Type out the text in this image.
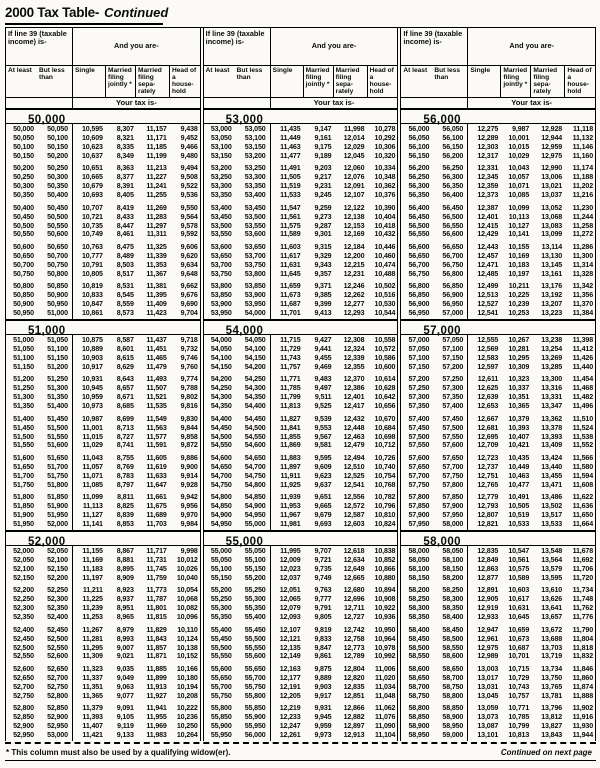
2000 Tax Table- Continued
If line 39 (taxable income) is-	And you are-
At least	But less than
Single	Married filing jointly *
Married filing sepa- rately
Head of a house- hold
Your tax is-
50,000
50,000	50,050	10,595	8,307	11,157	9,438
50,050	50,100	10,609	8,321	11,171	9,452
50,100	50,150	10,623	8,335	11,185	9,466
50,150	50,200	10,637	8,349	11,199	9,480
50,200	50,250	10,651	8,363	11,213	9,494
50,250	50,300	10,665	8,377	11,227	9,508
50,300	50,350	10,679	8,391	11,241	9,522
50,350	50,400	10,693	8,405	11,255	9,536
50,400	50,450	10,707	8,419	11,269	9,550
50,450	50,500	10,721	8,433	11,283	9,564
50,500	50,550	10,735	8,447	11,297	9,578
50,550	50,600	10,749	8,461	11,311	9,592
50,600	50,650	10,763	8,475	11,325	9,606
50,650	50,700	10,777	8,489	11,339	9,620
50,700	50,750	10,791	8,503	11,353	9,634
50,750	50,800	10,805	8,517	11,367	9,648
50,800	50,850	10,819	8,531	11,381	9,662
50,850	50,900	10,833	8,545	11,395	9,676
50,900	50,950	10,847	8,559	11,409	9,690
50,950	51,000	10,861	8,573	11,423	9,704
51,000
51,000	51,050	10,875	8,587	11,437	9,718
51,050	51,100	10,889	8,601	11,451	9,732
51,100	51,150	10,903	8,615	11,465	9,746
51,150	51,200	10,917	8,629	11,479	9,760
51,200	51,250	10,931	8,643	11,493	9,774
51,250	51,300	10,945	8,657	11,507	9,788
51,300	51,350	10,959	8,671	11,521	9,802
51,350	51,400	10,973	8,685	11,535	9,816
51,400	51,450	10,987	8,699	11,549	9,830
51,450	51,500	11,001	8,713	11,563	9,844
51,500	51,550	11,015	8,727	11,577	9,858
51,550	51,600	11,029	8,741	11,591	9,872
51,600	51,650	11,043	8,755	11,605	9,886
51,650	51,700	11,057	8,769	11,619	9,900
51,700	51,750	11,071	8,783	11,633	9,914
51,750	51,800	11,085	8,797	11,647	9,928
51,800	51,850	11,099	8,811	11,661	9,942
51,850	51,900	11,113	8,825	11,675	9,956
51,900	51,950	11,127	8,839	11,689	9,970
51,950	52,000	11,141	8,853	11,703	9,984
52,000
52,000	52,050	11,155	8,867	11,717	9,998
52,050	52,100	11,169	8,881	11,731	10,012
52,100	52,150	11,183	8,895	11,745	10,026
52,150	52,200	11,197	8,909	11,759	10,040
52,200	52,250	11,211	8,923	11,773	10,054
52,250	52,300	11,225	8,937	11,787	10,068
52,300	52,350	11,239	8,951	11,801	10,082
52,350	52,400	11,253	8,965	11,815	10,096
52,400	52,450	11,267	8,979	11,829	10,110
52,450	52,500	11,281	8,993	11,843	10,124
52,500	52,550	11,295	9,007	11,857	10,138
52,550	52,600	11,309	9,021	11,871	10,152
52,600	52,650	11,323	9,035	11,885	10,166
52,650	52,700	11,337	9,049	11,899	10,180
52,700	52,750	11,351	9,063	11,913	10,194
52,750	52,800	11,365	9,077	11,927	10,208
52,800	52,850	11,379	9,091	11,941	10,222
52,850	52,900	11,393	9,105	11,955	10,236
52,900	52,950	11,407	9,119	11,969	10,250
52,950	53,000	11,421	9,133	11,983	10,264
If line 39 (taxable income) is-	And you are-
At least	But less than
Single	Married filing jointly *
Married filing sepa- rately
Head of a house- hold
Your tax is-
53,000
53,000	53,050	11,435	9,147	11,998	10,278
53,050	53,100	11,449	9,161	12,014	10,292
53,100	53,150	11,463	9,175	12,029	10,306
53,150	53,200	11,477	9,189	12,045	10,320
53,200	53,250	11,491	9,203	12,060	10,334
53,250	53,300	11,505	9,217	12,076	10,348
53,300	53,350	11,519	9,231	12,091	10,362
53,350	53,400	11,533	9,245	12,107	10,376
53,400	53,450	11,547	9,259	12,122	10,390
53,450	53,500	11,561	9,273	12,138	10,404
53,500	53,550	11,575	9,287	12,153	10,418
53,550	53,600	11,589	9,301	12,169	10,432
53,600	53,650	11,603	9,315	12,184	10,446
53,650	53,700	11,617	9,329	12,200	10,460
53,700	53,750	11,631	9,343	12,215	10,474
53,750	53,800	11,645	9,357	12,231	10,488
53,800	53,850	11,659	9,371	12,246	10,502
53,850	53,900	11,673	9,385	12,262	10,516
53,900	53,950	11,687	9,399	12,277	10,530
53,950	54,000	11,701	9,413	12,293	10,544
54,000
54,000	54,050	11,715	9,427	12,308	10,558
54,050	54,100	11,729	9,441	12,324	10,572
54,100	54,150	11,743	9,455	12,339	10,586
54,150	54,200	11,757	9,469	12,355	10,600
54,200	54,250	11,771	9,483	12,370	10,614
54,250	54,300	11,785	9,497	12,386	10,628
54,300	54,350	11,799	9,511	12,401	10,642
54,350	54,400	11,813	9,525	12,417	10,656
54,400	54,450	11,827	9,539	12,432	10,670
54,450	54,500	11,841	9,553	12,448	10,684
54,500	54,550	11,855	9,567	12,463	10,698
54,550	54,600	11,869	9,581	12,479	10,712
54,600	54,650	11,883	9,595	12,494	10,726
54,650	54,700	11,897	9,609	12,510	10,740
54,700	54,750	11,911	9,623	12,525	10,754
54,750	54,800	11,925	9,637	12,541	10,768
54,800	54,850	11,939	9,651	12,556	10,782
54,850	54,900	11,953	9,665	12,572	10,796
54,900	54,950	11,967	9,679	12,587	10,810
54,950	55,000	11,981	9,693	12,603	10,824
55,000
55,000	55,050	11,995	9,707	12,618	10,838
55,050	55,100	12,009	9,721	12,634	10,852
55,100	55,150	12,023	9,735	12,649	10,866
55,150	55,200	12,037	9,749	12,665	10,880
55,200	55,250	12,051	9,763	12,680	10,894
55,250	55,300	12,065	9,777	12,696	10,908
55,300	55,350	12,079	9,791	12,711	10,922
55,350	55,400	12,093	9,805	12,727	10,936
55,400	55,450	12,107	9,819	12,742	10,950
55,450	55,500	12,121	9,833	12,758	10,964
55,500	55,550	12,135	9,847	12,773	10,978
55,550	55,600	12,149	9,861	12,789	10,992
55,600	55,650	12,163	9,875	12,804	11,006
55,650	55,700	12,177	9,889	12,820	11,020
55,700	55,750	12,191	9,903	12,835	11,034
55,750	55,800	12,205	9,917	12,851	11,048
55,800	55,850	12,219	9,931	12,866	11,062
55,850	55,900	12,233	9,945	12,882	11,076
55,900	55,950	12,247	9,959	12,897	11,090
55,950	56,000	12,261	9,973	12,913	11,104
If line 39 (taxable income) is-	And you are-
At least	But less than
Single	Married filing jointly *
Married filing sepa- rately
Head of a house- hold
Your tax is-
56,000
56,000	56,050	12,275	9,987	12,928	11,118
56,050	56,100	12,289	10,001	12,944	11,132
56,100	56,150	12,303	10,015	12,959	11,146
56,150	56,200	12,317	10,029	12,975	11,160
56,200	56,250	12,331	10,043	12,990	11,174
56,250	56,300	12,345	10,057	13,006	11,188
56,300	56,350	12,359	10,071	13,021	11,202
56,350	56,400	12,373	10,085	13,037	11,216
56,400	56,450	12,387	10,099	13,052	11,230
56,450	56,500	12,401	10,113	13,068	11,244
56,500	56,550	12,415	10,127	13,083	11,258
56,550	56,600	12,429	10,141	13,099	11,272
56,600	56,650	12,443	10,155	13,114	11,286
56,650	56,700	12,457	10,169	13,130	11,300
56,700	56,750	12,471	10,183	13,145	11,314
56,750	56,800	12,485	10,197	13,161	11,328
56,800	56,850	12,499	10,211	13,176	11,342
56,850	56,900	12,513	10,225	13,192	11,356
56,900	56,950	12,527	10,239	13,207	11,370
56,950	57,000	12,541	10,253	13,223	11,384
57,000
57,000	57,050	12,555	10,267	13,238	11,398
57,050	57,100	12,569	10,281	13,254	11,412
57,100	57,150	12,583	10,295	13,269	11,426
57,150	57,200	12,597	10,309	13,285	11,440
57,200	57,250	12,611	10,323	13,300	11,454
57,250	57,300	12,625	10,337	13,316	11,468
57,300	57,350	12,639	10,351	13,331	11,482
57,350	57,400	12,653	10,365	13,347	11,496
57,400	57,450	12,667	10,379	13,362	11,510
57,450	57,500	12,681	10,393	13,378	11,524
57,500	57,550	12,695	10,407	13,393	11,538
57,550	57,600	12,709	10,421	13,409	11,552
57,600	57,650	12,723	10,435	13,424	11,566
57,650	57,700	12,737	10,449	13,440	11,580
57,700	57,750	12,751	10,463	13,455	11,594
57,750	57,800	12,765	10,477	13,471	11,608
57,800	57,850	12,779	10,491	13,486	11,622
57,850	57,900	12,793	10,505	13,502	11,636
57,900	57,950	12,807	10,519	13,517	11,650
57,950	58,000	12,821	10,533	13,533	11,664
58,000
58,000	58,050	12,835	10,547	13,548	11,678
58,050	58,100	12,849	10,561	13,564	11,692
58,100	58,150	12,863	10,575	13,579	11,706
58,150	58,200	12,877	10,589	13,595	11,720
58,200	58,250	12,891	10,603	13,610	11,734
58,250	58,300	12,905	10,617	13,626	11,748
58,300	58,350	12,919	10,631	13,641	11,762
58,350	58,400	12,933	10,645	13,657	11,776
58,400	58,450	12,947	10,659	13,672	11,790
58,450	58,500	12,961	10,673	13,688	11,804
58,500	58,550	12,975	10,687	13,703	11,818
58,550	58,600	12,989	10,701	13,719	11,832
58,600	58,650	13,003	10,715	13,734	11,846
58,650	58,700	13,017	10,729	13,750	11,860
58,700	58,750	13,031	10,743	13,765	11,874
58,750	58,800	13,045	10,757	13,781	11,888
58,800	58,850	13,059	10,771	13,796	11,902
58,850	58,900	13,073	10,785	13,812	11,916
58,900	58,950	13,087	10,799	13,827	11,930
58,950	59,000	13,101	10,813	13,843	11,944
* This column must also be used by a qualifying widow(er).	Continued on next page
